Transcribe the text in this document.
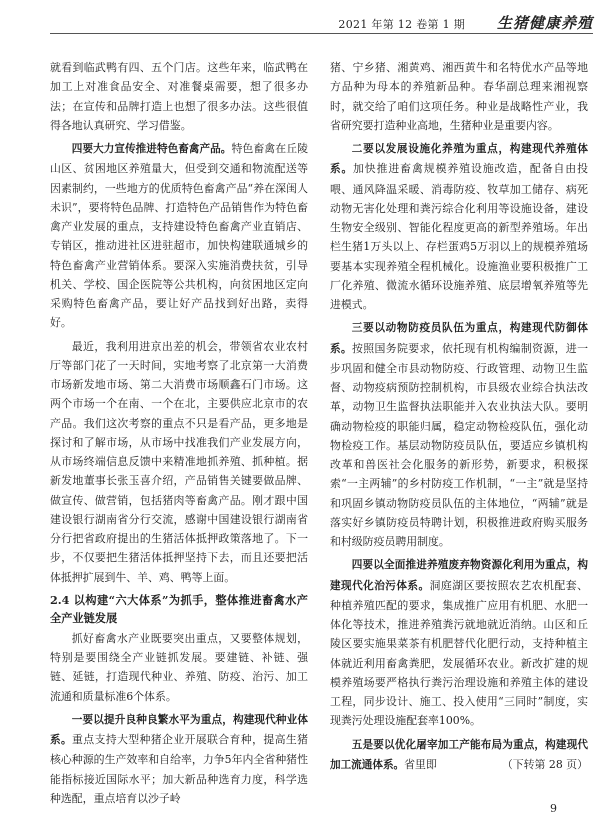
2021 年第 12 卷第 1 期 生猪健康养殖

就看到临武鸭有四、五个门店。这些年来，临武鸭在加工上对准食品安全、对准餐桌需要，想了很多办法；在宣传和品牌打造上也想了很多办法。这些很值得各地认真研究、学习借鉴。

四要大力宣传推进特色畜禽产品。特色畜禽在丘陵山区、贫困地区养殖量大，但受到交通和物流配送等因素制约，一些地方的优质特色畜禽产品“养在深闺人未识”，要将特色品牌、打造特色产品销售作为特色畜禽产业发展的重点，支持建设特色畜禽产业直销店、专销区，推动进社区进驻超市，加快构建联通城乡的特色畜禽产业营销体系。要深入实施消费扶贫，引导机关、学校、国企医院等公共机构，向贫困地区定向采购特色畜禽产品，要让好产品找到好出路，卖得好。

最近，我利用进京出差的机会，带领省农业农村厅等部门花了一天时间，实地考察了北京第一大消费市场新发地市场、第二大消费市场顺鑫石门市场。这两个市场一个在南、一个在北，主要供应北京市的农产品。我们这次考察的重点不只是看产品，更多地是探讨和了解市场，从市场中找准我们产业发展方向，从市场终端信息反馈中来精准地抓养殖、抓种植。据新发地董事长张玉喜介绍，产品销售关键要做品牌、做宣传、做营销，包括猪肉等畜禽产品。刚才跟中国建设银行湖南省分行交流，感谢中国建设银行湖南省分行把省政府提出的生猪活体抵押政策落地了。下一步，不仅要把生猪活体抵押坚持下去，而且还要把活体抵押扩展到牛、羊、鸡、鸭等上面。

2.4 以构建“六大体系”为抓手，整体推进畜禽水产全产业链发展

抓好畜禽水产业既要突出重点，又要整体规划，特别是要围绕全产业链抓发展。要建链、补链、强链、延链，打造现代种业、养殖、防疫、治污、加工流通和质量标准6个体系。

一要以提升良种良繁水平为重点，构建现代种业体系。重点支持大型种猪企业开展联合育种，提高生猪核心种源的生产效率和自给率，力争5年内全省种猪性能指标接近国际水平；加大新品种选育力度，科学选种选配，重点培育以沙子岭

猪、宁乡猪、湘黄鸡、湘西黄牛和名特优水产品等地方品种为母本的养殖新品种。春华副总理来湘视察时，就交给了咱们这项任务。种业是战略性产业，我省研究要打造种业高地，生猪种业是重要内容。

二要以发展设施化养殖为重点，构建现代养殖体系。加快推进畜禽规模养殖设施改造，配备自由投喂、通风降温采暖、消毒防疫、牧草加工储存、病死动物无害化处理和粪污综合化利用等设施设备，建设生物安全级别、智能化程度更高的新型养殖场。年出栏生猪1万头以上、存栏蛋鸡5万羽以上的规模养殖场要基本实现养殖全程机械化。设施渔业要积极推广工厂化养殖、微流水循环设施养殖、底层增氧养殖等先进模式。

三要以动物防疫员队伍为重点，构建现代防御体系。按照国务院要求，依托现有机构编制资源，进一步巩固和健全市县动物防疫、行政管理、动物卫生监督、动物疫病预防控制机构，市县级农业综合执法改革，动物卫生监督执法职能并入农业执法大队。要明确动物检疫的职能归属，稳定动物检疫队伍，强化动物检疫工作。基层动物防疫员队伍，要适应乡镇机构改革和兽医社会化服务的新形势，新要求，积极探索“一主两辅”的乡村防疫工作机制，“一主”就是坚持和巩固乡镇动物防疫员队伍的主体地位，“两辅”就是落实好乡镇防疫员特聘计划，积极推进政府购买服务和村级防疫员聘用制度。

四要以全面推进养殖废弃物资源化利用为重点，构建现代化治污体系。洞庭湖区要按照农艺农机配套、种植养殖匹配的要求，集成推广应用有机肥、水肥一体化等技术，推进养殖粪污就地就近消纳。山区和丘陵区要实施果菜茶有机肥替代化肥行动，支持种植主体就近利用畜禽粪肥，发展循环农业。新改扩建的规模养殖场要严格执行粪污治理设施和养殖主体的建设工程，同步设计、施工、投入使用“三同时”制度，实现粪污处理设施配套率100%。

五是要以优化屠宰加工产能布局为重点，构建现代加工流通体系。省里即	（下转第 28 页）

9
